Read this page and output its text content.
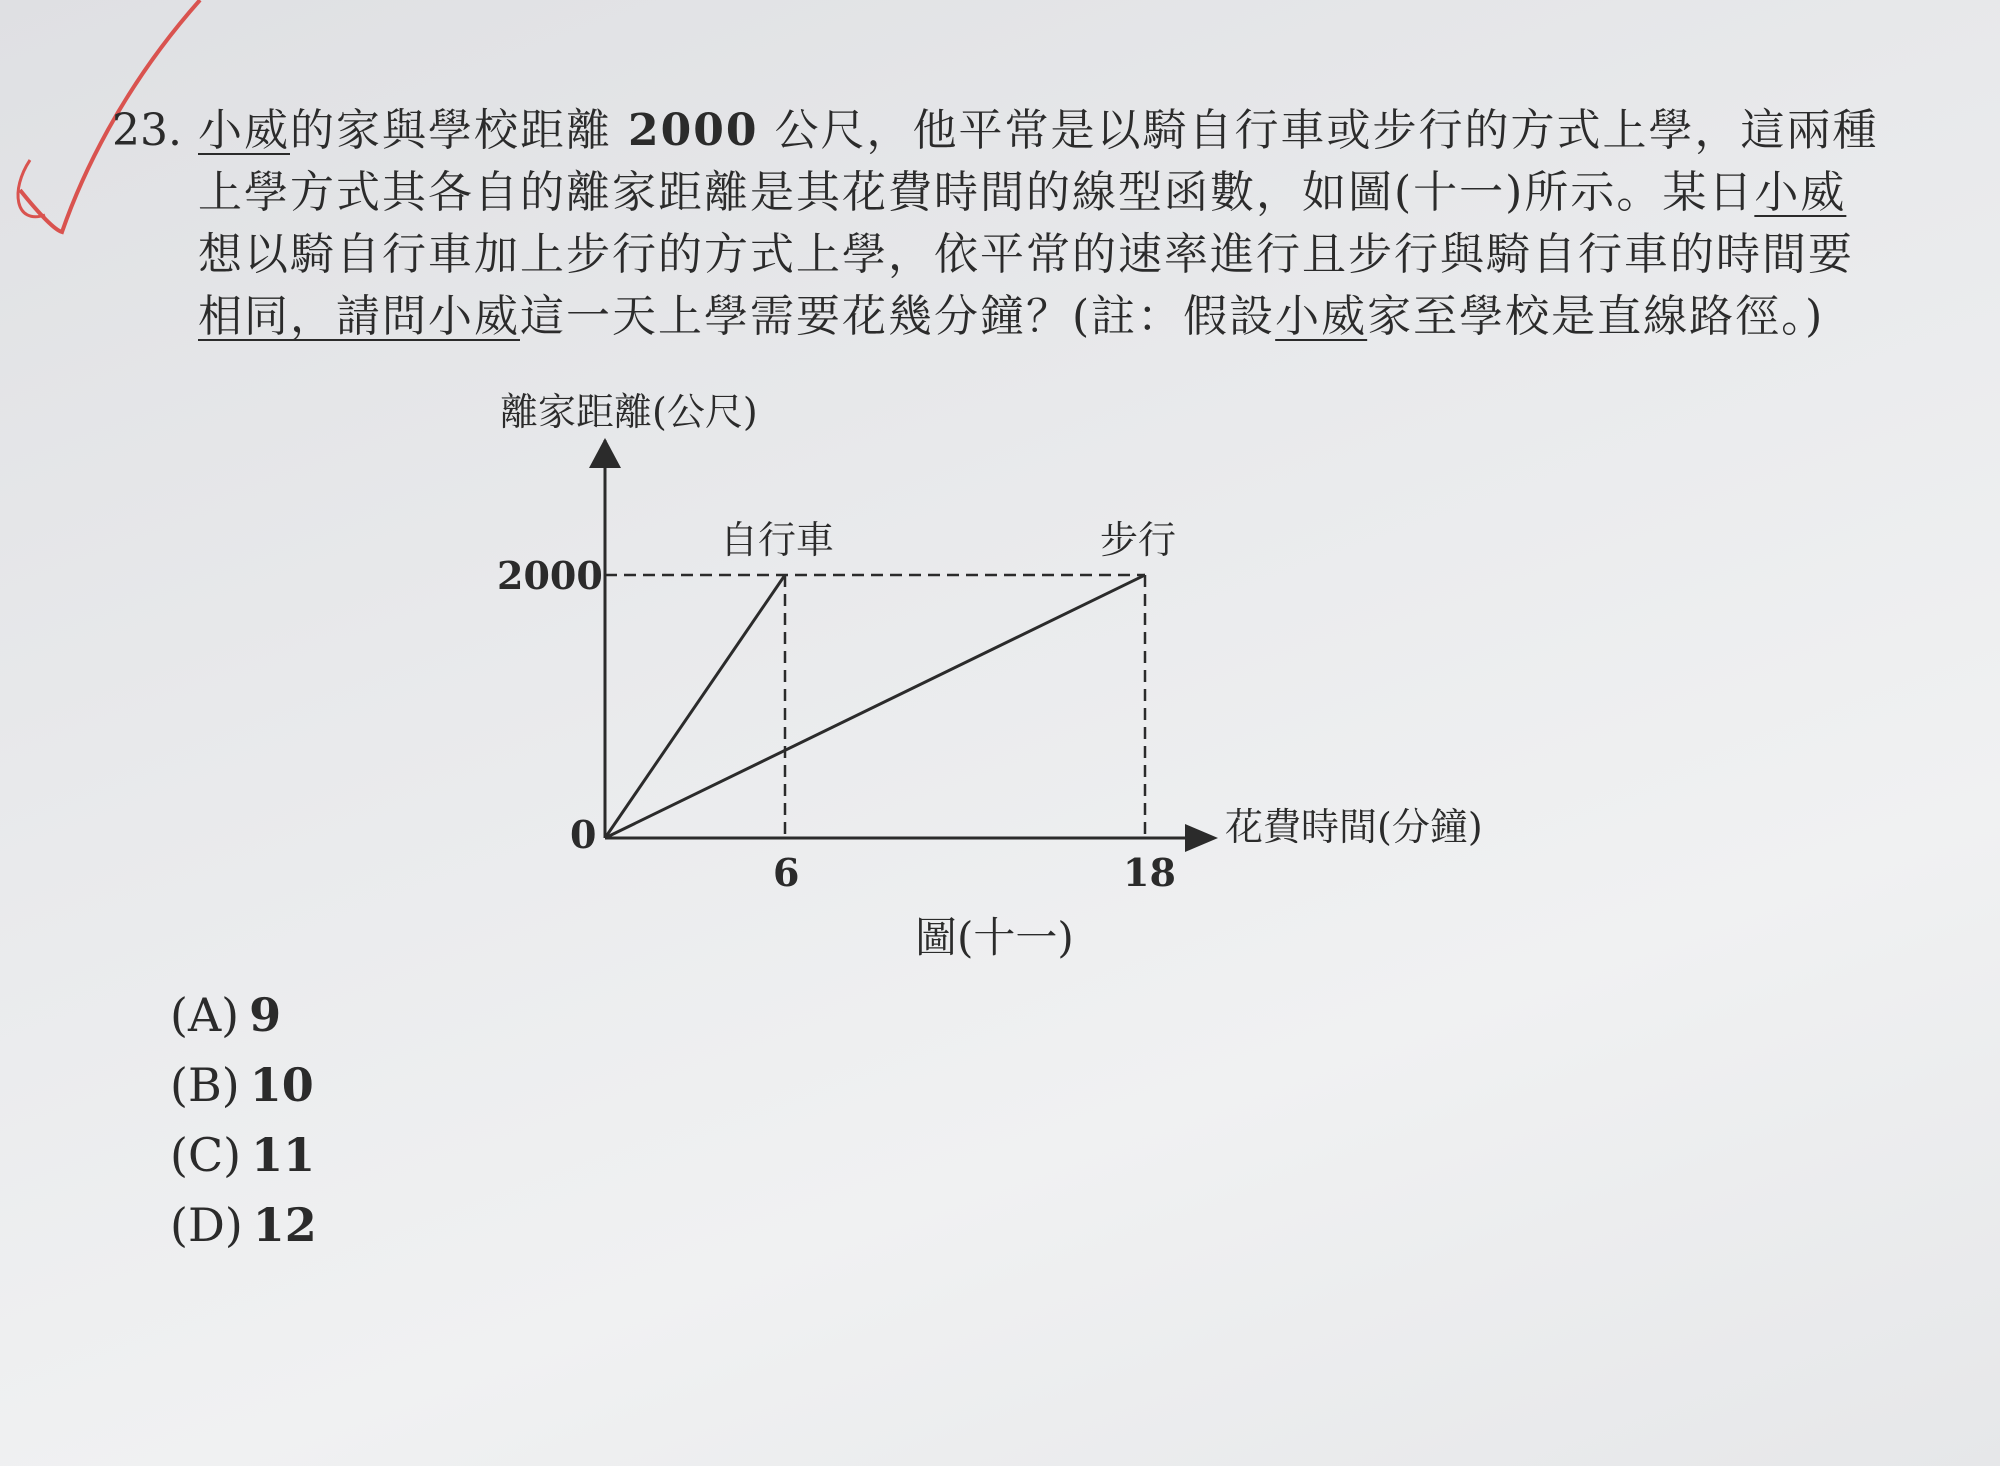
23. 小威的家與學校距離 2000 公尺，他平常是以騎自行車或步行的方式上學，這兩種
上學方式其各自的離家距離是其花費時間的線型函數，如圖(十一)所示。某日小威
想以騎自行車加上步行的方式上學，依平常的速率進行且步行與騎自行車的時間要
相同，請問小威這一天上學需要花幾分鐘？(註：假設小威家至學校是直線路徑。)
離家距離(公尺)
花費時間(分鐘)
自行車	步行
2000
0
6	18
圖(十一)
(A) 9
(B) 10
(C) 11
(D) 12
